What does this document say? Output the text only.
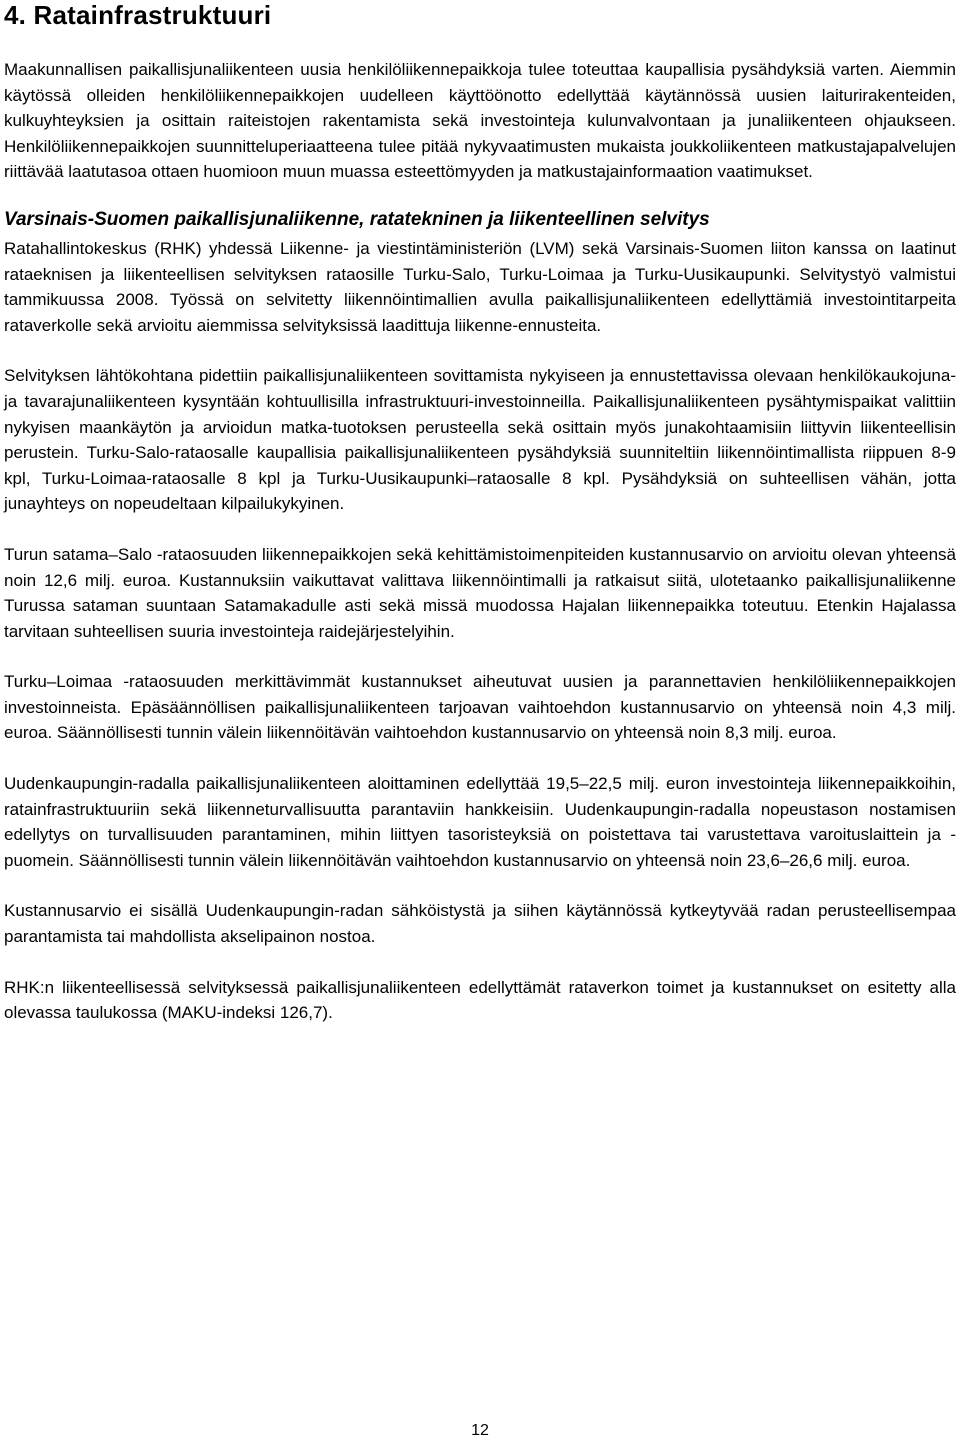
4. Ratainfrastruktuuri

Maakunnallisen paikallisjunaliikenteen uusia henkilöliikennepaikkoja tulee toteuttaa kaupallisia pysähdyksiä varten. Aiemmin käytössä olleiden henkilöliikennepaikkojen uudelleen käyttöönotto edellyttää käytännössä uusien laiturirakenteiden, kulkuyhteyksien ja osittain raiteistojen rakentamista sekä investointeja kulunvalvontaan ja junaliikenteen ohjaukseen. Henkilöliikennepaikkojen suunnitteluperiaatteena tulee pitää nykyvaatimusten mukaista joukkoliikenteen matkustajapalvelujen riittävää laatutasoa ottaen huomioon muun muassa esteettömyyden ja matkustajainformaation vaatimukset.

Varsinais-Suomen paikallisjunaliikenne, ratatekninen ja liikenteellinen selvitys

Ratahallintokeskus (RHK) yhdessä Liikenne- ja viestintäministeriön (LVM) sekä Varsinais-Suomen liiton kanssa on laatinut rataeknisen ja liikenteellisen selvityksen rataosille Turku-Salo, Turku-Loimaa ja Turku-Uusikaupunki. Selvitystyö valmistui tammikuussa 2008. Työssä on selvitetty liikennöintimallien avulla paikallisjunaliikenteen edellyttämiä investointitarpeita rataverkolle sekä arvioitu aiemmissa selvityksissä laadittuja liikenne-ennusteita.

Selvityksen lähtökohtana pidettiin paikallisjunaliikenteen sovittamista nykyiseen ja ennustettavissa olevaan henkilökaukojuna- ja tavarajunaliikenteen kysyntään kohtuullisilla infrastruktuuri-investoinneilla. Paikallisjunaliikenteen pysähtymispaikat valittiin nykyisen maankäytön ja arvioidun matka-tuotoksen perusteella sekä osittain myös junakohtaamisiin liittyvin liikenteellisin perustein. Turku-Salo-rataosalle kaupallisia paikallisjunaliikenteen pysähdyksiä suunniteltiin liikennöintimallista riippuen 8-9 kpl, Turku-Loimaa-rataosalle 8 kpl ja Turku-Uusikaupunki–rataosalle 8 kpl. Pysähdyksiä on suhteellisen vähän, jotta junayhteys on nopeudeltaan kilpailukykyinen.

Turun satama–Salo -rataosuuden liikennepaikkojen sekä kehittämistoimenpiteiden kustannusarvio on arvioitu olevan yhteensä noin 12,6 milj. euroa. Kustannuksiin vaikuttavat valittava liikennöintimalli ja ratkaisut siitä, ulotetaanko paikallisjunaliikenne Turussa sataman suuntaan Satamakadulle asti sekä missä muodossa Hajalan liikennepaikka toteutuu. Etenkin Hajalassa tarvitaan suhteellisen suuria investointeja raidejärjestelyihin.

Turku–Loimaa -rataosuuden merkittävimmät kustannukset aiheutuvat uusien ja parannettavien henkilöliikennepaikkojen investoinneista. Epäsäännöllisen paikallisjunaliikenteen tarjoavan vaihtoehdon kustannusarvio on yhteensä noin 4,3 milj. euroa. Säännöllisesti tunnin välein liikennöitävän vaihtoehdon kustannusarvio on yhteensä noin 8,3 milj. euroa.

Uudenkaupungin-radalla paikallisjunaliikenteen aloittaminen edellyttää 19,5–22,5 milj. euron investointeja liikennepaikkoihin, ratainfrastruktuuriin sekä liikenneturvallisuutta parantaviin hankkeisiin. Uudenkaupungin-radalla nopeustason nostamisen edellytys on turvallisuuden parantaminen, mihin liittyen tasoristeyksiä on poistettava tai varustettava varoituslaittein ja -puomein. Säännöllisesti tunnin välein liikennöitävän vaihtoehdon kustannusarvio on yhteensä noin 23,6–26,6 milj. euroa.

Kustannusarvio ei sisällä Uudenkaupungin-radan sähköistystä ja siihen käytännössä kytkeytyvää radan perusteellisempaa parantamista tai mahdollista akselipainon nostoa.

RHK:n liikenteellisessä selvityksessä paikallisjunaliikenteen edellyttämät rataverkon toimet ja kustannukset on esitetty alla olevassa taulukossa (MAKU-indeksi 126,7).

12
